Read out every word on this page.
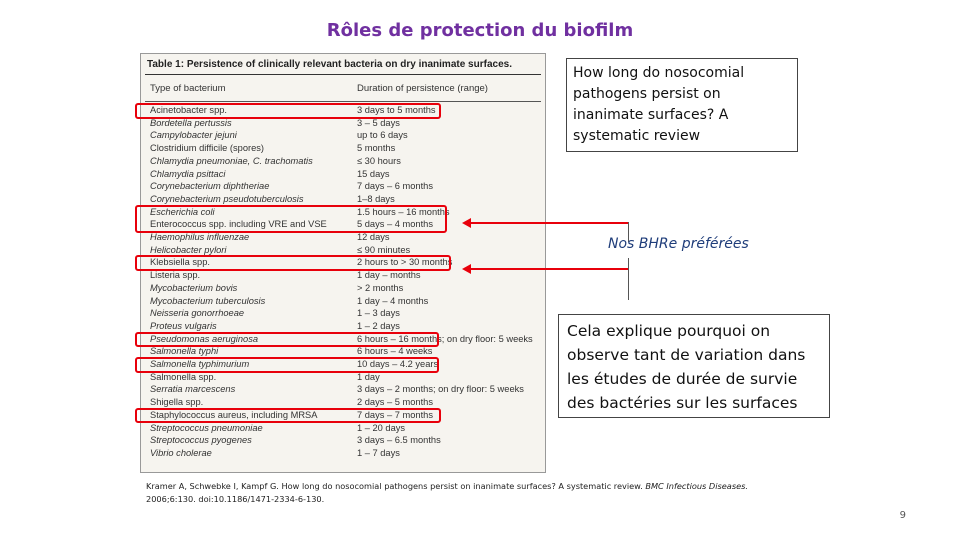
Rôles de protection du biofilm
Table 1: Persistence of clinically relevant bacteria on dry inanimate surfaces.
Type of bacterium	Duration of persistence (range)
Acinetobacter spp.	3 days to 5 months
Bordetella pertussis	3 – 5 days
Campylobacter jejuni	up to 6 days
Clostridium difficile (spores)	5 months
Chlamydia pneumoniae, C. trachomatis	≤ 30 hours
Chlamydia psittaci	15 days
Corynebacterium diphtheriae	7 days – 6 months
Corynebacterium pseudotuberculosis	1–8 days
Escherichia coli	1.5 hours – 16 months
Enterococcus spp. including VRE and VSE	5 days – 4 months
Haemophilus influenzae	12 days
Helicobacter pylori	≤ 90 minutes
Klebsiella spp.	2 hours to > 30 months
Listeria spp.	1 day – months
Mycobacterium bovis	> 2 months
Mycobacterium tuberculosis	1 day – 4 months
Neisseria gonorrhoeae	1 – 3 days
Proteus vulgaris	1 – 2 days
Pseudomonas aeruginosa	6 hours – 16 months; on dry floor: 5 weeks
Salmonella typhi	6 hours – 4 weeks
Salmonella typhimurium	10 days – 4.2 years
Salmonella spp.	1 day
Serratia marcescens	3 days – 2 months; on dry floor: 5 weeks
Shigella spp.	2 days – 5 months
Staphylococcus aureus, including MRSA	7 days – 7 months
Streptococcus pneumoniae	1 – 20 days
Streptococcus pyogenes	3 days – 6.5 months
Vibrio cholerae	1 – 7 days
How long do nosocomial pathogens persist on inanimate surfaces? A systematic review
Nos BHRe préférées
Cela explique pourquoi on observe tant de variation dans les études de durée de survie des bactéries sur les surfaces
Kramer A, Schwebke I, Kampf G. How long do nosocomial pathogens persist on inanimate surfaces? A systematic review. BMC Infectious Diseases.
2006;6:130. doi:10.1186/1471-2334-6-130.
9
